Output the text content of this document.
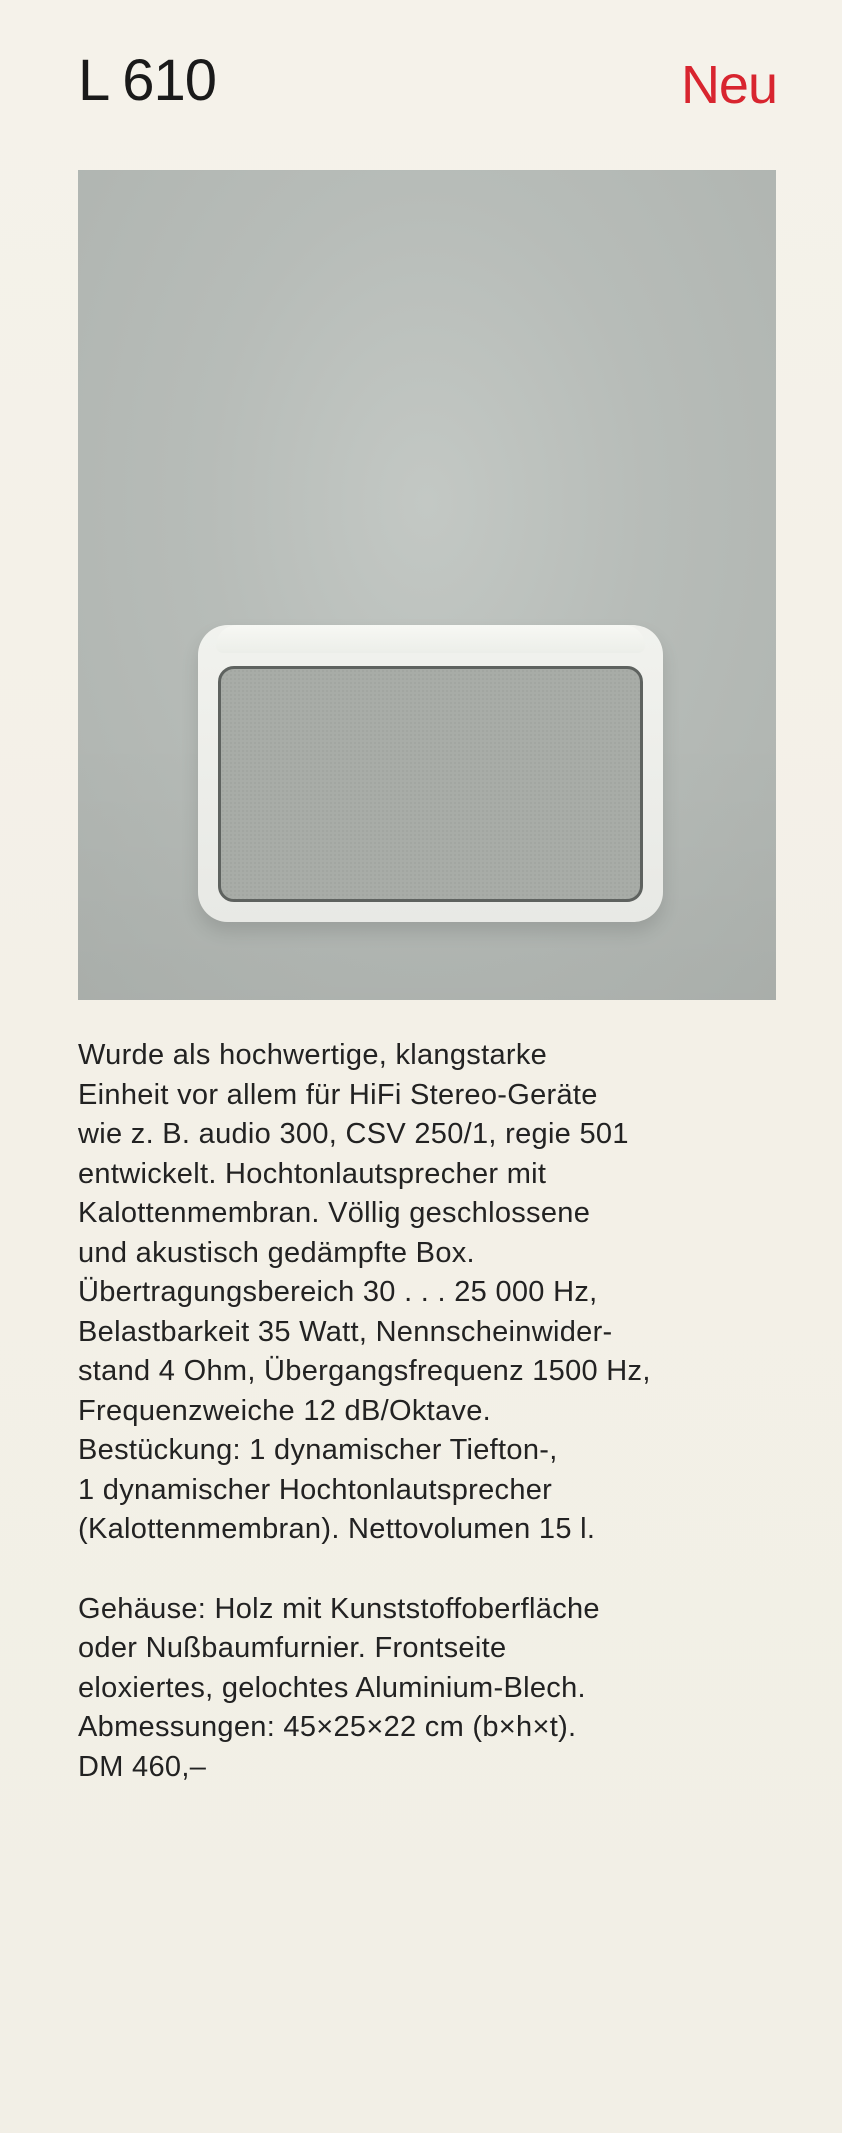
L 610	Neu

Wurde als hochwertige, klangstarke

Einheit vor allem für HiFi Stereo-Geräte

wie z. B. audio 300, CSV 250/1, regie 501

entwickelt. Hochtonlautsprecher mit

Kalottenmembran. Völlig geschlossene

und akustisch gedämpfte Box.

Übertragungsbereich 30 . . . 25 000 Hz,

Belastbarkeit 35 Watt, Nennscheinwider-

stand 4 Ohm, Übergangsfrequenz 1500 Hz,

Frequenzweiche 12 dB/Oktave.

Bestückung: 1 dynamischer Tiefton-,

1 dynamischer Hochtonlautsprecher

(Kalottenmembran). Nettovolumen 15 l.

Gehäuse: Holz mit Kunststoffoberfläche

oder Nußbaumfurnier. Frontseite

eloxiertes, gelochtes Aluminium-Blech.

Abmessungen: 45×25×22 cm (b×h×t).

DM 460,–
